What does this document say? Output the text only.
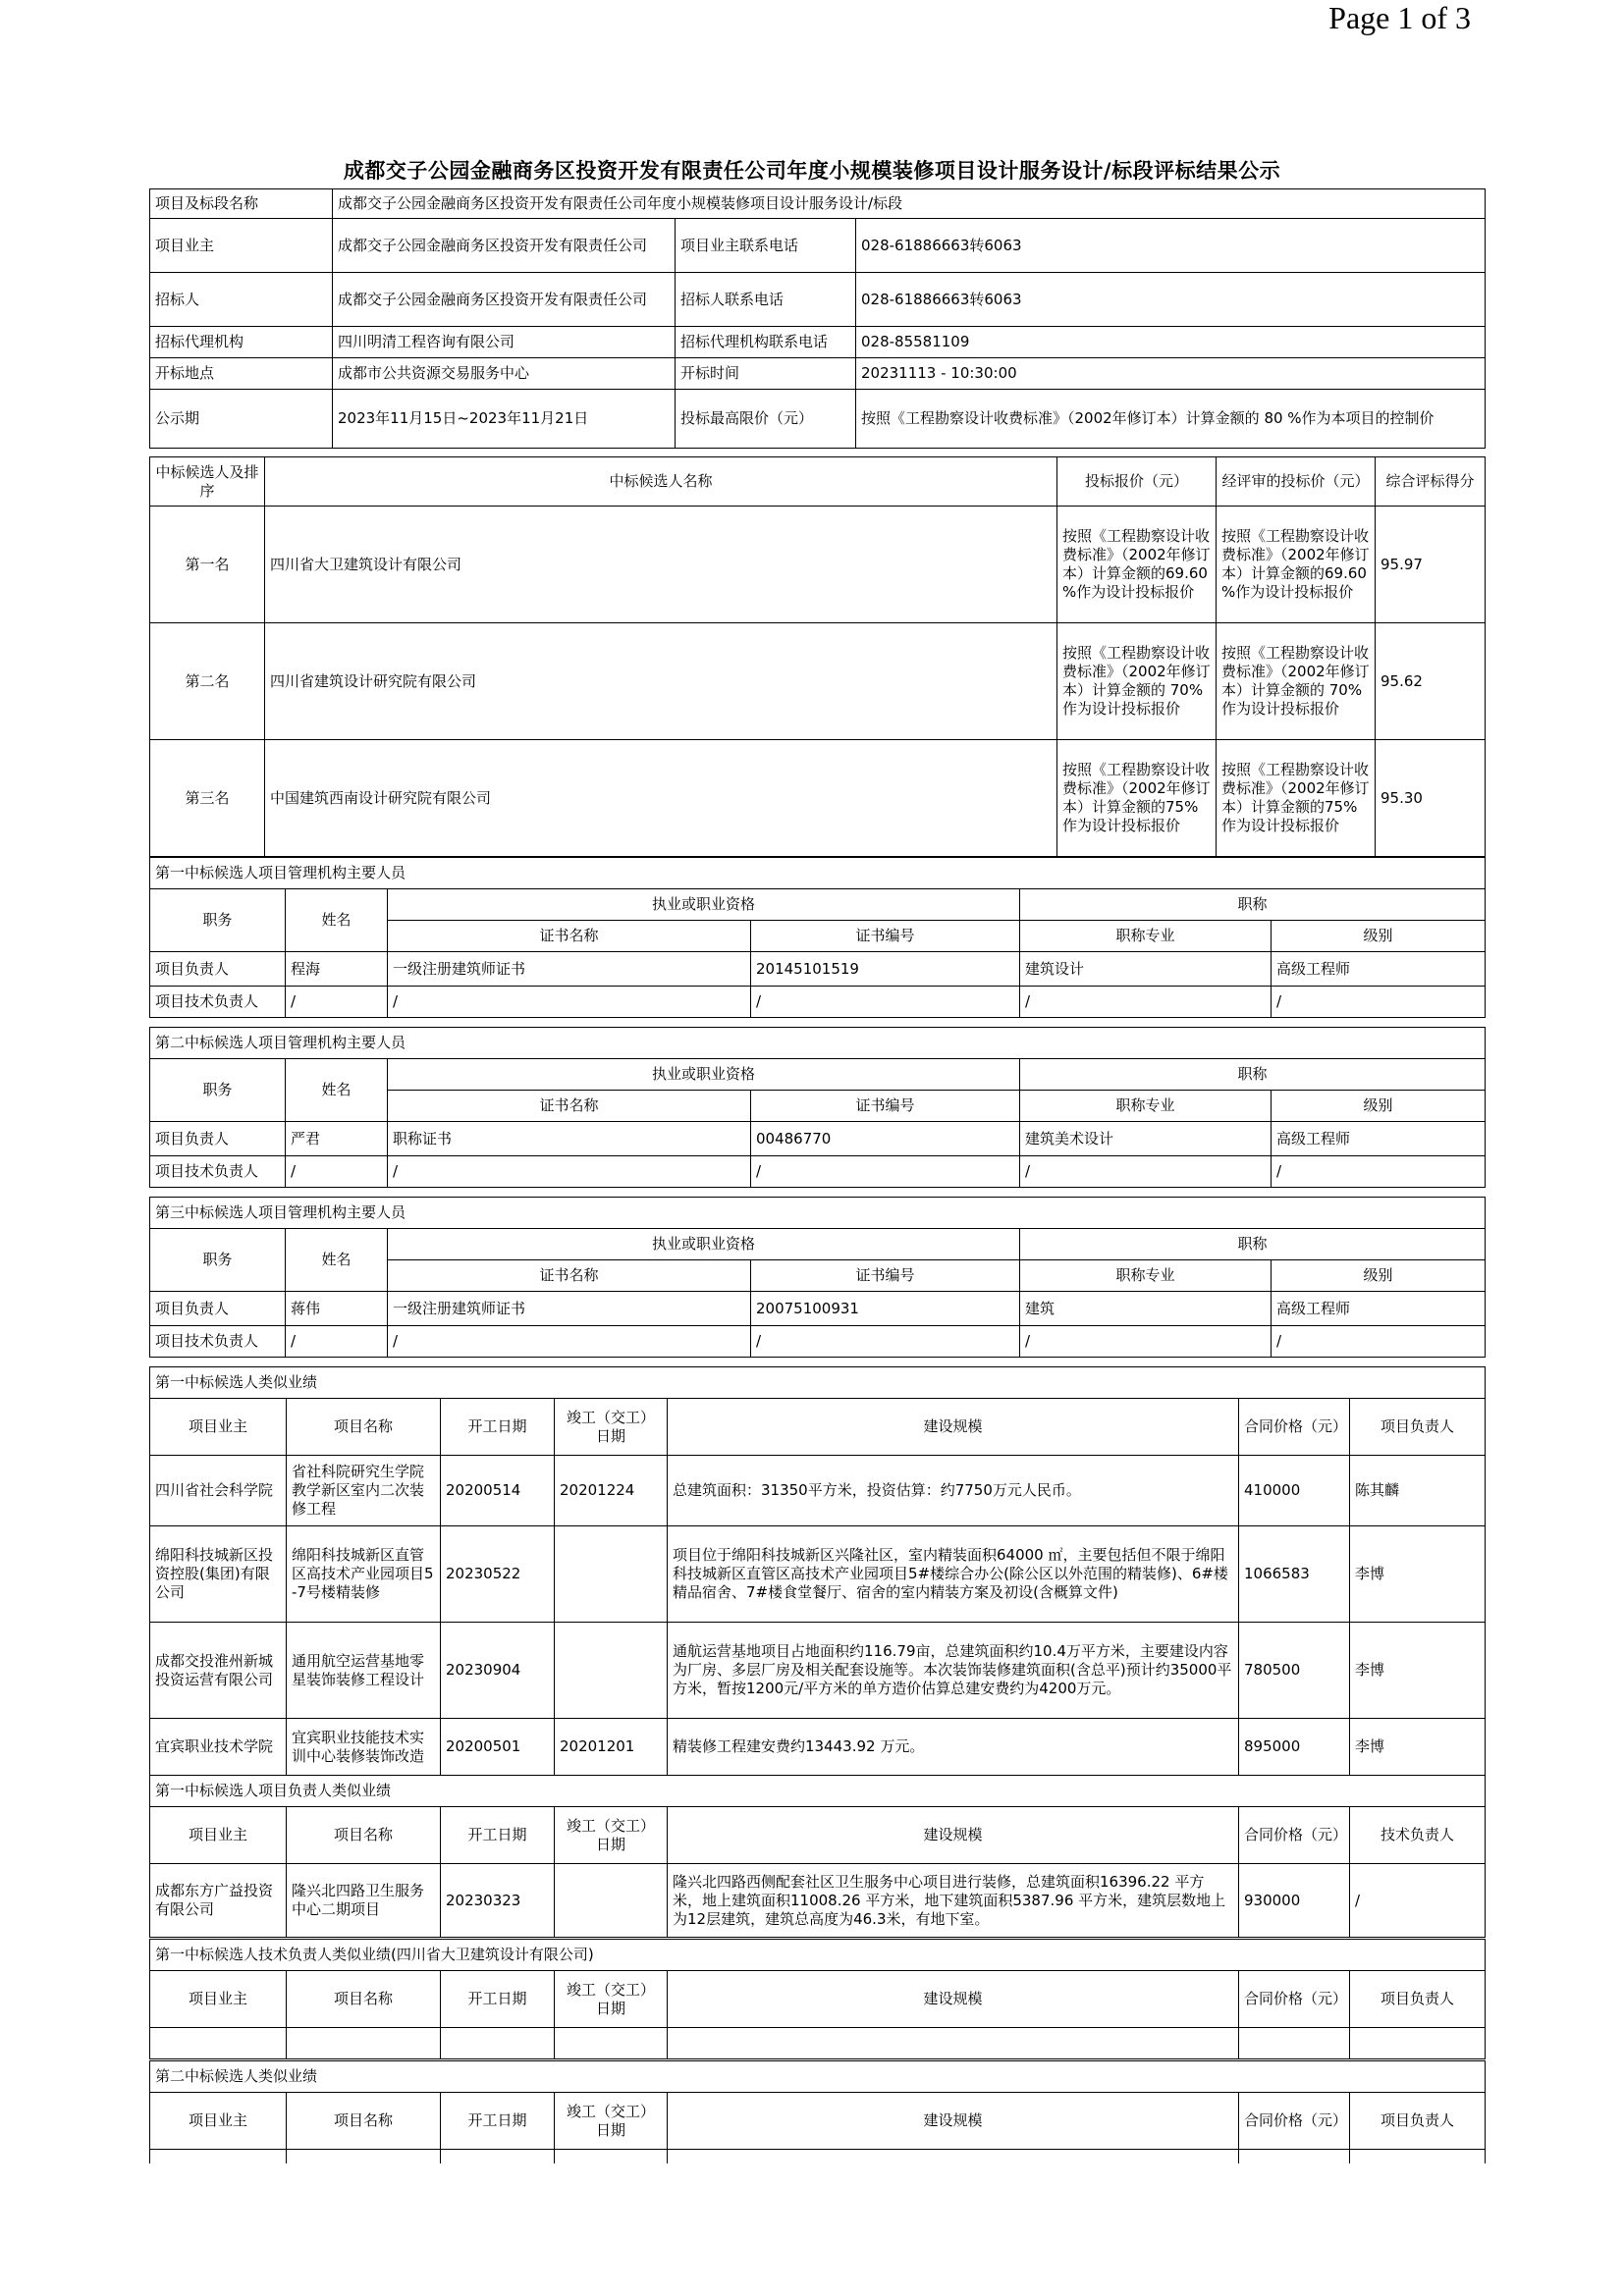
Page 1 of 3
成都交子公园金融商务区投资开发有限责任公司年度小规模装修项目设计服务设计/标段评标结果公示
项目及标段名称	成都交子公园金融商务区投资开发有限责任公司年度小规模装修项目设计服务设计/标段		
项目业主	成都交子公园金融商务区投资开发有限责任公司	项目业主联系电话	028-61886663转6063
招标人	成都交子公园金融商务区投资开发有限责任公司	招标人联系电话	028-61886663转6063
招标代理机构	四川明清工程咨询有限公司	招标代理机构联系电话	028-85581109
开标地点	成都市公共资源交易服务中心	开标时间	20231113 - 10:30:00
公示期	2023年11月15日~2023年11月21日	投标最高限价（元）	按照《工程勘察设计收费标准》（2002年修订本）计算金额的 80 %作为本项目的控制价
中标候选人及排序	中标候选人名称	投标报价（元）	经评审的投标价（元）	综合评标得分
第一名	四川省大卫建筑设计有限公司	按照《工程勘察设计收费标准》（2002年修订本）计算金额的69.60 %作为设计投标报价	按照《工程勘察设计收费标准》（2002年修订本）计算金额的69.60 %作为设计投标报价	95.97
第二名	四川省建筑设计研究院有限公司	按照《工程勘察设计收费标准》（2002年修订本）计算金额的 70%作为设计投标报价	按照《工程勘察设计收费标准》（2002年修订本）计算金额的 70%作为设计投标报价	95.62
第三名	中国建筑西南设计研究院有限公司	按照《工程勘察设计收费标准》（2002年修订本）计算金额的75%作为设计投标报价	按照《工程勘察设计收费标准》（2002年修订本）计算金额的75%作为设计投标报价	95.30
第一中标候选人项目管理机构主要人员					
职务	姓名	执业或职业资格		职称	
		证书名称	证书编号	职称专业	级别
项目负责人	程海	一级注册建筑师证书	20145101519	建筑设计	高级工程师
项目技术负责人	/	/	/	/	/
第二中标候选人项目管理机构主要人员					
职务	姓名	执业或职业资格		职称	
		证书名称	证书编号	职称专业	级别
项目负责人	严君	职称证书	00486770	建筑美术设计	高级工程师
项目技术负责人	/	/	/	/	/
第三中标候选人项目管理机构主要人员					
职务	姓名	执业或职业资格		职称	
		证书名称	证书编号	职称专业	级别
项目负责人	蒋伟	一级注册建筑师证书	20075100931	建筑	高级工程师
项目技术负责人	/	/	/	/	/
第一中标候选人类似业绩						
项目业主	项目名称	开工日期	竣工（交工）日期	建设规模	合同价格（元）	项目负责人
四川省社会科学院	省社科院研究生学院教学新区室内二次装修工程	20200514	20201224	总建筑面积：31350平方米，投资估算：约7750万元人民币。	410000	陈其麟
绵阳科技城新区投资控股(集团)有限公司	绵阳科技城新区直管区高技术产业园项目5-7号楼精装修	20230522		项目位于绵阳科技城新区兴隆社区，室内精装面积64000 ㎡，主要包括但不限于绵阳科技城新区直管区高技术产业园项目5#楼综合办公(除公区以外范围的精装修)、6#楼精品宿舍、7#楼食堂餐厅、宿舍的室内精装方案及初设(含概算文件)	1066583	李博
成都交投淮州新城投资运营有限公司	通用航空运营基地零星装饰装修工程设计	20230904		通航运营基地项目占地面积约116.79亩，总建筑面积约10.4万平方米，主要建设内容为厂房、多层厂房及相关配套设施等。本次装饰装修建筑面积(含总平)预计约35000平方米，暂按1200元/平方米的单方造价估算总建安费约为4200万元。	780500	李博
宜宾职业技术学院	宜宾职业技能技术实训中心装修装饰改造	20200501	20201201	精装修工程建安费约13443.92 万元。	895000	李博
第一中标候选人项目负责人类似业绩						
项目业主	项目名称	开工日期	竣工（交工）日期	建设规模	合同价格（元）	技术负责人
成都东方广益投资有限公司	隆兴北四路卫生服务中心二期项目	20230323		隆兴北四路西侧配套社区卫生服务中心项目进行装修，总建筑面积16396.22 平方米，地上建筑面积11008.26 平方米，地下建筑面积5387.96 平方米，建筑层数地上为12层建筑，建筑总高度为46.3米，有地下室。	930000	/
第一中标候选人技术负责人类似业绩(四川省大卫建筑设计有限公司)						
项目业主	项目名称	开工日期	竣工（交工）日期	建设规模	合同价格（元）	项目负责人

第二中标候选人类似业绩						
项目业主	项目名称	开工日期	竣工（交工）日期	建设规模	合同价格（元）	项目负责人
